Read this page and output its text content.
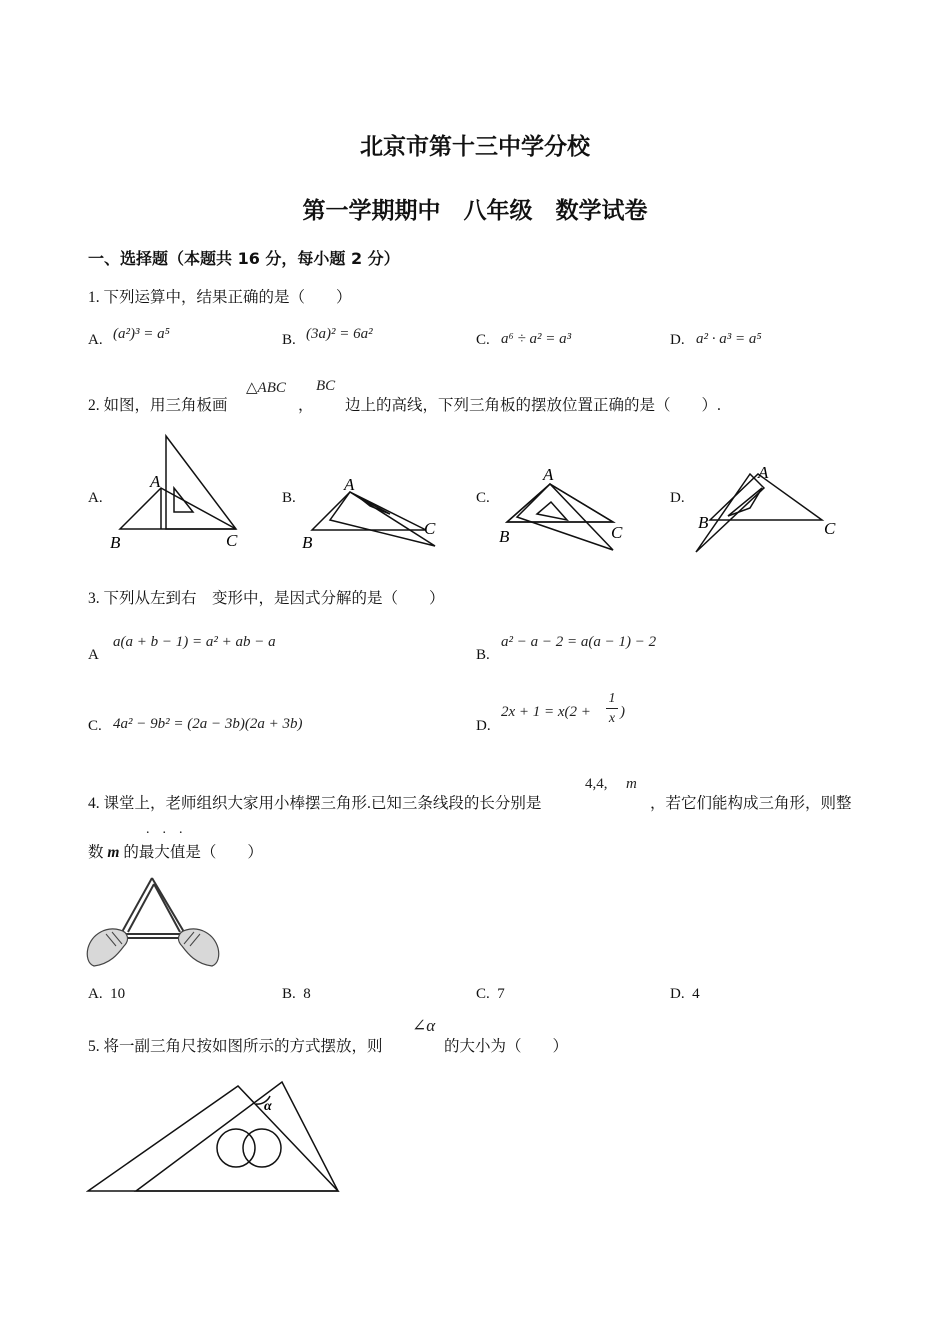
北京市第十三中学分校
第一学期期中　八年级　数学试卷
一、选择题（本题共 16 分，每小题 2 分）
1. 下列运算中，结果正确的是（　　）
A. (a²)³ = a⁵	B. (3a)² = 6a²	C. a⁶ ÷ a² = a³	D. a² · a³ = a⁵
2. 如图，用三角板画
△ABC
，
BC
边上的高线，下列三角板的摆放位置正确的是（　　）.
A.	B.	C.	D.
A
B	C
A
B
C
A
B	C
A
B	C
3. 下列从左到右　变形中，是因式分解的是（　　）
A
a(a + b − 1) = a² + ab − a
B.
a² − a − 2 = a(a − 1) − 2
C. 4a² − 9b² = (2a − 3b)(2a + 3b)	D.
2x + 1 = x(2 +
1
x )
4. 课堂上，老师组织大家用小棒摆三角形.已知三条线段的长分别是
4,4, m
，若它们能构成三角形，则整
...
数 m 的最大值是（　　）
A. 10	B. 8	C. 7	D. 4
5. 将一副三角尺按如图所示的方式摆放，则
∠α
的大小为（　　）
α
